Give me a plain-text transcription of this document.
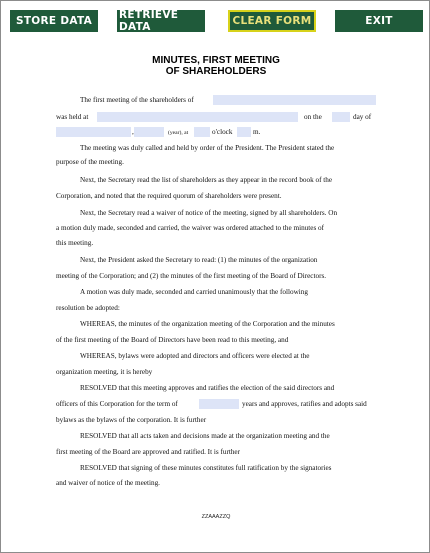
STORE DATA	RETRIEVE DATA	CLEAR FORM	EXIT
MINUTES, FIRST MEETING
OF SHAREHOLDERS
The first meeting of the shareholders of
was held at	on the	day of
,	(year), at	o'clock	m.
The meeting was duly called and held by order of the President. The President stated the
purpose of the meeting.
Next, the Secretary read the list of shareholders as they appear in the record book of the
Corporation, and noted that the required quorum of shareholders were present.
Next, the Secretary read a waiver of notice of the meeting, signed by all shareholders. On
a motion duly made, seconded and carried, the waiver was ordered attached to the minutes of
this meeting.
Next, the President asked the Secretary to read: (1) the minutes of the organization
meeting of the Corporation; and (2) the minutes of the first meeting of the Board of Directors.
A motion was duly made, seconded and carried unanimously that the following
resolution be adopted:
WHEREAS, the minutes of the organization meeting of the Corporation and the minutes
of the first meeting of the Board of Directors have been read to this meeting, and
WHEREAS, bylaws were adopted and directors and officers were elected at the
organization meeting, it is hereby
RESOLVED that this meeting approves and ratifies the election of the said directors and
officers of this Corporation for the term of	years and approves, ratifies and adopts said
bylaws as the bylaws of the corporation. It is further
RESOLVED that all acts taken and decisions made at the organization meeting and the
first meeting of the Board are approved and ratified. It is further
RESOLVED that signing of these minutes constitutes full ratification by the signatories
and waiver of notice of the meeting.
ZZAAAZZQ
